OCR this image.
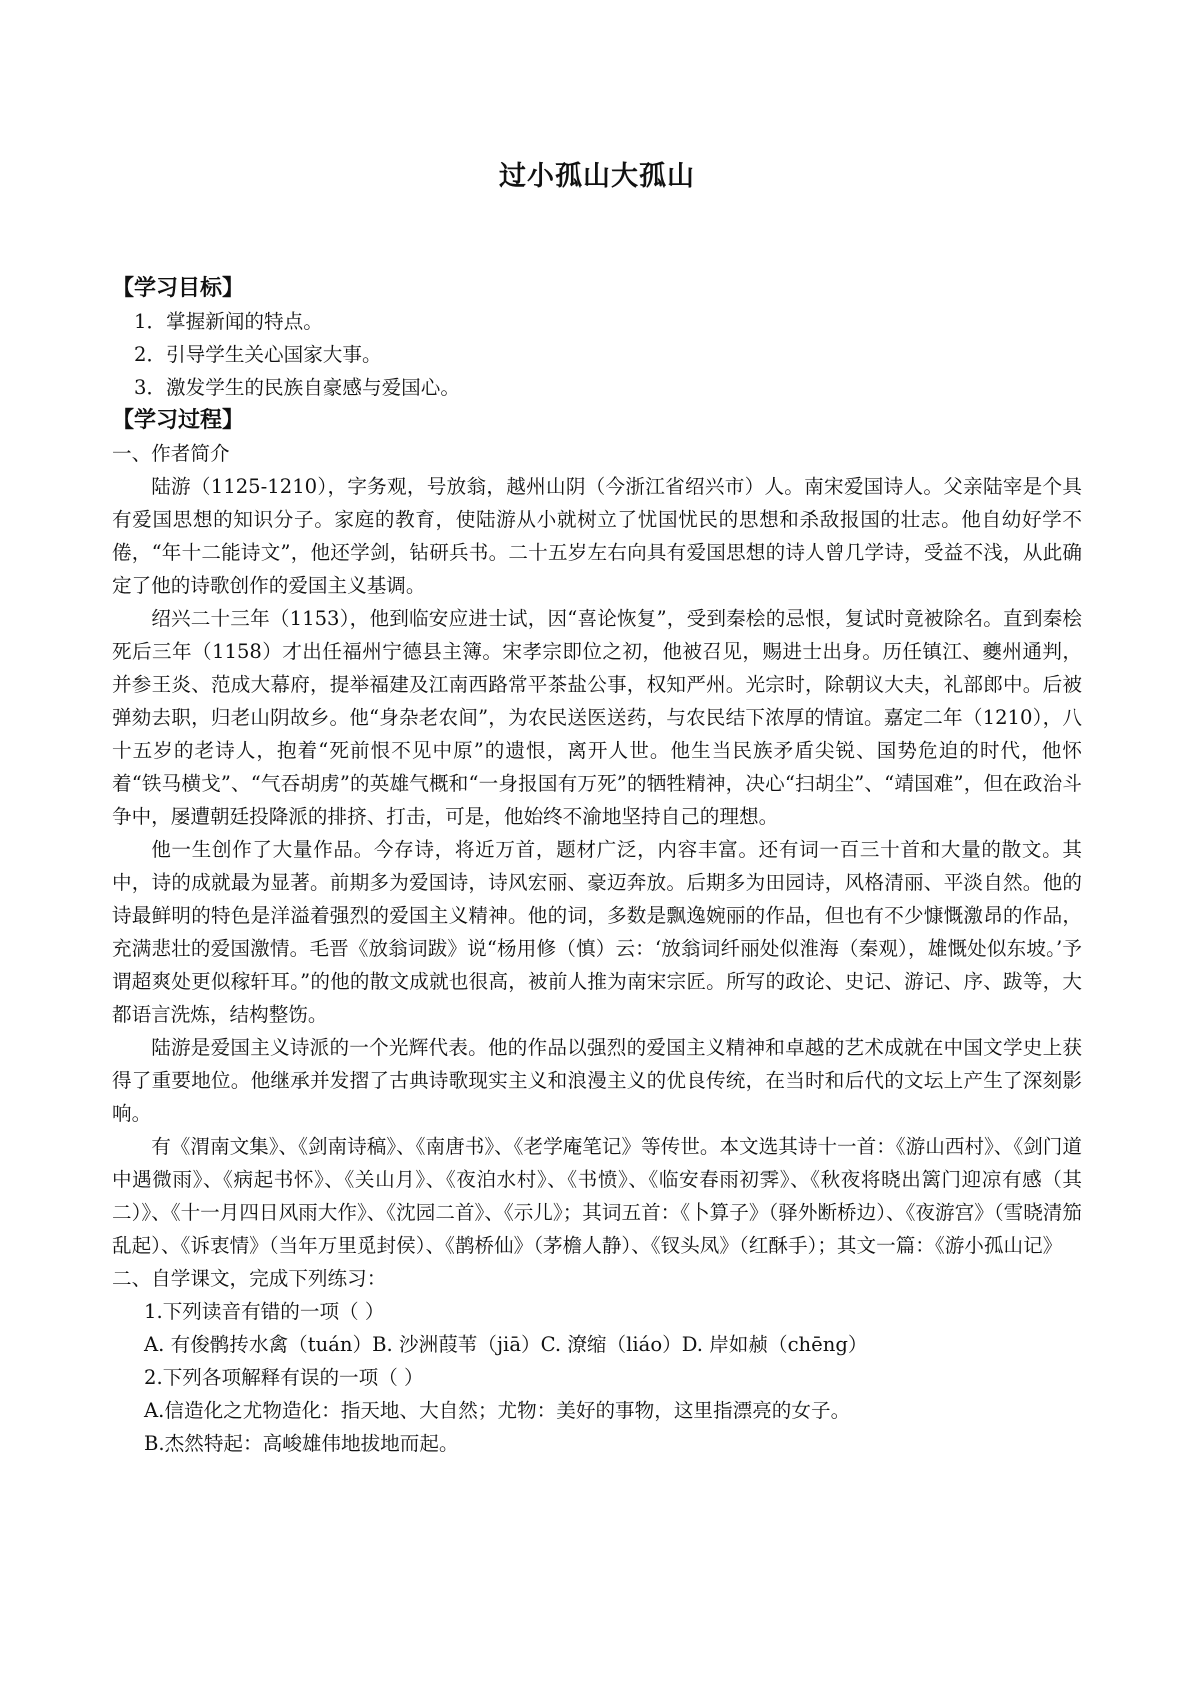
过小孤山大孤山

【学习目标】

1．掌握新闻的特点。

2．引导学生关心国家大事。

3．激发学生的民族自豪感与爱国心。

【学习过程】

一、作者简介

陆游（1125-1210），字务观，号放翁，越州山阴（今浙江省绍兴市）人。南宋爱国诗人。父亲陆宰是个具有爱国思想的知识分子。家庭的教育，使陆游从小就树立了忧国忧民的思想和杀敌报国的壮志。他自幼好学不倦，“年十二能诗文”，他还学剑，钻研兵书。二十五岁左右向具有爱国思想的诗人曾几学诗，受益不浅，从此确定了他的诗歌创作的爱国主义基调。

绍兴二十三年（1153），他到临安应进士试，因“喜论恢复”，受到秦桧的忌恨，复试时竟被除名。直到秦桧死后三年（1158）才出任福州宁德县主簿。宋孝宗即位之初，他被召见，赐进士出身。历任镇江、夔州通判，并参王炎、范成大幕府，提举福建及江南西路常平茶盐公事，权知严州。光宗时，除朝议大夫，礼部郎中。后被弹劾去职，归老山阴故乡。他“身杂老农间”，为农民送医送药，与农民结下浓厚的情谊。嘉定二年（1210），八十五岁的老诗人，抱着“死前恨不见中原”的遗恨，离开人世。他生当民族矛盾尖锐、国势危迫的时代，他怀着“铁马横戈”、“气吞胡虏”的英雄气概和“一身报国有万死”的牺牲精神，决心“扫胡尘”、“靖国难”，但在政治斗争中，屡遭朝廷投降派的排挤、打击，可是，他始终不渝地坚持自己的理想。

他一生创作了大量作品。今存诗，将近万首，题材广泛，内容丰富。还有词一百三十首和大量的散文。其中，诗的成就最为显著。前期多为爱国诗，诗风宏丽、豪迈奔放。后期多为田园诗，风格清丽、平淡自然。他的诗最鲜明的特色是洋溢着强烈的爱国主义精神。他的词，多数是飘逸婉丽的作品，但也有不少慷慨激昂的作品，充满悲壮的爱国激情。毛晋《放翁词跋》说“杨用修（慎）云：‘放翁词纤丽处似淮海（秦观），雄慨处似东坡。’予谓超爽处更似稼轩耳。”的他的散文成就也很高，被前人推为南宋宗匠。所写的政论、史记、游记、序、跋等，大都语言洗炼，结构整饬。

陆游是爱国主义诗派的一个光辉代表。他的作品以强烈的爱国主义精神和卓越的艺术成就在中国文学史上获得了重要地位。他继承并发摺了古典诗歌现实主义和浪漫主义的优良传统，在当时和后代的文坛上产生了深刻影响。

有《渭南文集》、《剑南诗稿》、《南唐书》、《老学庵笔记》等传世。本文选其诗十一首：《游山西村》、《剑门道中遇微雨》、《病起书怀》、《关山月》、《夜泊水村》、《书愤》、《临安春雨初霁》、《秋夜将晓出篱门迎凉有感（其二）》、《十一月四日风雨大作》、《沈园二首》、《示儿》；其词五首：《卜算子》（驿外断桥边）、《夜游宫》（雪晓清笳乱起）、《诉衷情》（当年万里觅封侯）、《鹊桥仙》（茅檐人静）、《钗头凤》（红酥手）；其文一篇：《游小孤山记》

二、自学课文，完成下列练习：

1.下列读音有错的一项（ ）

A. 有俊鹘抟水禽（tuán）B. 沙洲葭苇（jiā）C. 潦缩（liáo）D. 岸如赪（chēng）

2.下列各项解释有误的一项（ ）

A.信造化之尤物造化：指天地、大自然；尤物：美好的事物，这里指漂亮的女子。

B.杰然特起：高峻雄伟地拔地而起。
